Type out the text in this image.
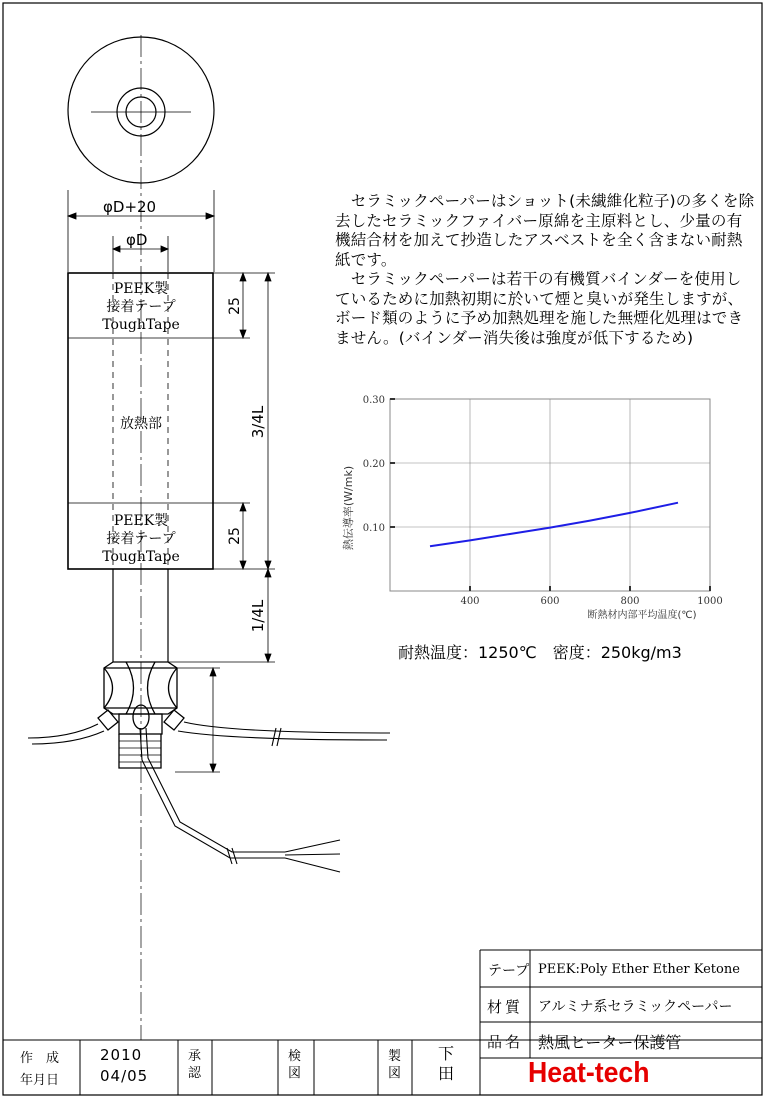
φD+20
φD
PEEK製
接着テープ
ToughTape
放熱部
PEEK製
接着テープ
ToughTape
25
3/4L
25
1/4L	400	600	800	1000
0.10
0.20
0.30
熱伝導率(W/mk)
断熱材内部平均温度(℃)
　セラミックペーパーはショット(未繊維化粒子)の多くを除去したセラミックファイバー原綿を主原料とし、少量の有機結合材を加えて抄造したアスベストを全く含まない耐熱紙です。
　セラミックペーパーは若干の有機質バインダーを使用しているために加熱初期に於いて煙と臭いが発生しますが、ボード類のように予め加熱処理を施した無煙化処理はできません。(バインダー消失後は強度が低下するため)
耐熱温度：1250℃　密度：250kg/m3
テープ PEEK:Poly Ether Ether Ketone
材質 アルミナ系セラミックペーパー
品名 熱風ヒーター保護管
作　成
年月日
2010
04/05
承認
検図
製図
下田	Heat-tech
